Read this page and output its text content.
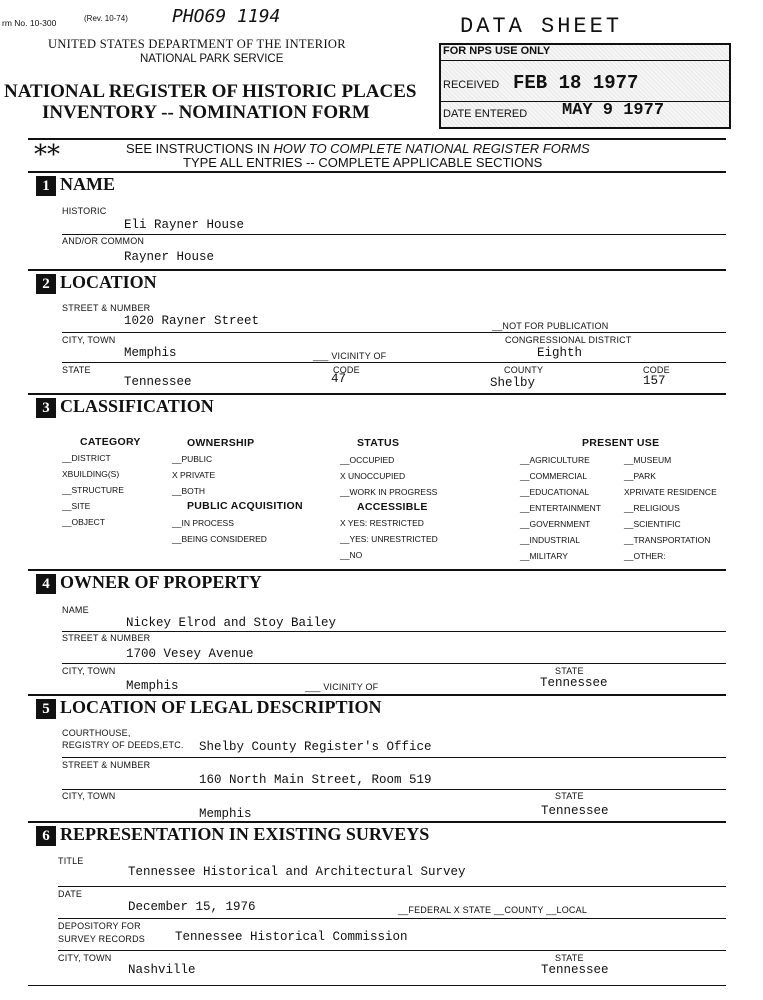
rm No. 10-300	(Rev. 10-74) PHO69 1194
UNITED STATES DEPARTMENT OF THE INTERIOR
NATIONAL PARK SERVICE
NATIONAL REGISTER OF HISTORIC PLACES
INVENTORY -- NOMINATION FORM
DATA SHEET
FOR NPS USE ONLY
RECEIVED FEB 18 1977
DATE ENTERED MAY 9 1977
**	SEE INSTRUCTIONS IN HOW TO COMPLETE NATIONAL REGISTER FORMS
TYPE ALL ENTRIES -- COMPLETE APPLICABLE SECTIONS
1 NAME
HISTORIC
Eli Rayner House
AND/OR COMMON
Rayner House
2 LOCATION
STREET & NUMBER
1020 Rayner Street	__NOT FOR PUBLICATION
CITY, TOWN	CONGRESSIONAL DISTRICT
Memphis	___ VICINITY OF	Eighth
STATE	CODE	COUNTY	CODE
Tennessee	47	Shelby	157
3 CLASSIFICATION
CATEGORY
__DISTRICT
XBUILDING(S)
__STRUCTURE
__SITE
__OBJECT
OWNERSHIP
__PUBLIC
X PRIVATE
__BOTH
PUBLIC ACQUISITION
__IN PROCESS
__BEING CONSIDERED
STATUS
__OCCUPIED
X UNOCCUPIED
__WORK IN PROGRESS
ACCESSIBLE
X YES: RESTRICTED
__YES: UNRESTRICTED
__NO
PRESENT USE
__AGRICULTURE
__COMMERCIAL
__EDUCATIONAL
__ENTERTAINMENT
__GOVERNMENT
__INDUSTRIAL
__MILITARY
__MUSEUM
__PARK
XPRIVATE RESIDENCE
__RELIGIOUS
__SCIENTIFIC
__TRANSPORTATION
__OTHER:
4 OWNER OF PROPERTY
NAME
Nickey Elrod and Stoy Bailey
STREET & NUMBER
1700 Vesey Avenue
CITY, TOWN	STATE
Memphis	___ VICINITY OF	Tennessee
5 LOCATION OF LEGAL DESCRIPTION
COURTHOUSE,
REGISTRY OF DEEDS,ETC. Shelby County Register's Office
STREET & NUMBER
160 North Main Street, Room 519
CITY, TOWN	STATE
Memphis	Tennessee
6 REPRESENTATION IN EXISTING SURVEYS
TITLE
Tennessee Historical and Architectural Survey
DATE
December 15, 1976	__FEDERAL X STATE __COUNTY __LOCAL
DEPOSITORY FOR
SURVEY RECORDS Tennessee Historical Commission
CITY, TOWN	STATE
Nashville	Tennessee
